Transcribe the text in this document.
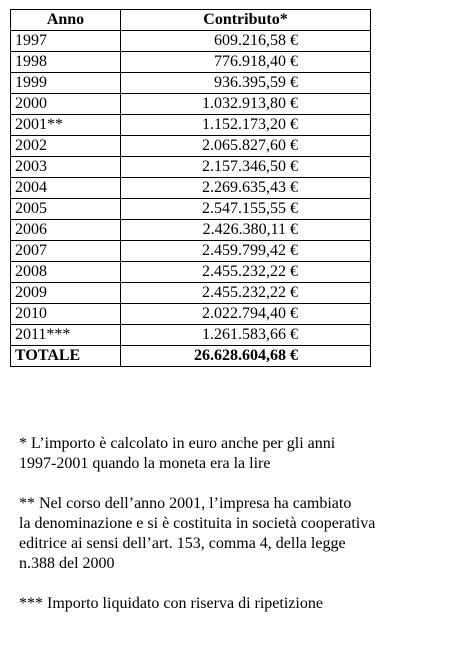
Anno	Contributo*
1997	609.216,58 €
1998	776.918,40 €
1999	936.395,59 €
2000	1.032.913,80 €
2001**	1.152.173,20 €
2002	2.065.827,60 €
2003	2.157.346,50 €
2004	2.269.635,43 €
2005	2.547.155,55 €
2006	2.426.380,11 €
2007	2.459.799,42 €
2008	2.455.232,22 €
2009	2.455.232,22 €
2010	2.022.794,40 €
2011***	1.261.583,66 €
TOTALE	26.628.604,68 €

* L’importo è calcolato in euro anche per gli anni
1997-2001 quando la moneta era la lire

** Nel corso dell’anno 2001, l’impresa ha cambiato
la denominazione e si è costituita in società cooperativa
editrice ai sensi dell’art. 153, comma 4, della legge
n.388 del 2000

*** Importo liquidato con riserva di ripetizione
